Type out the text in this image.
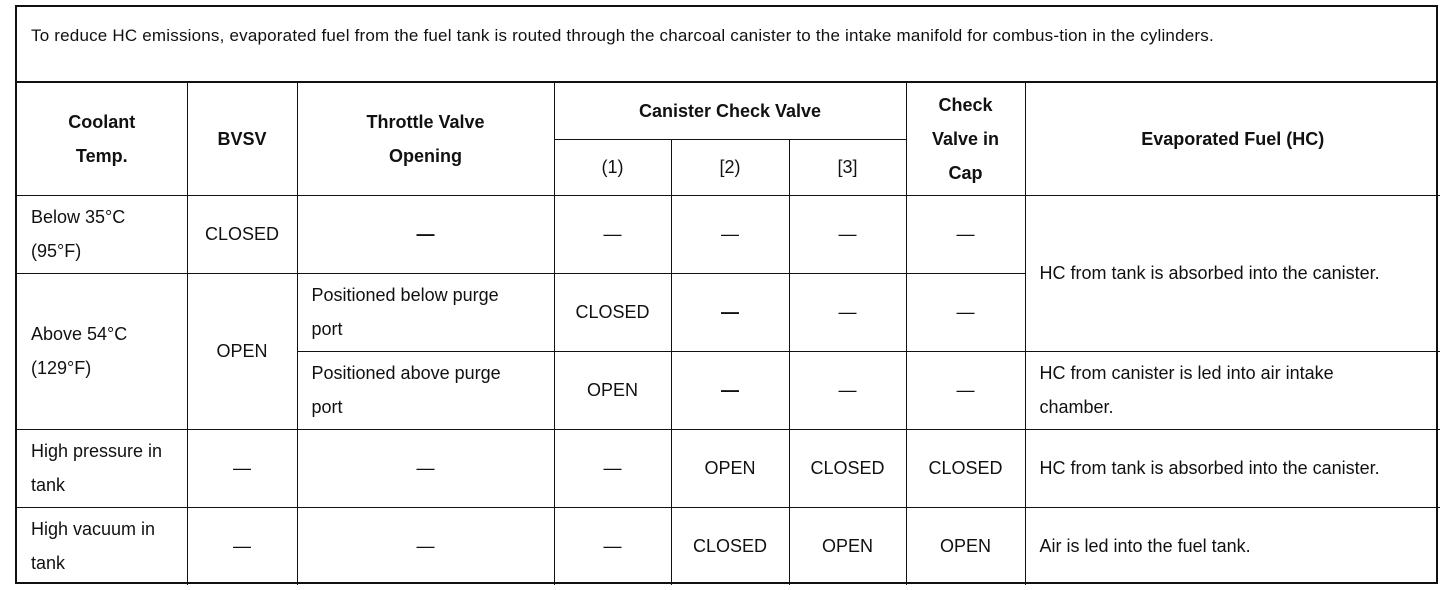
To reduce HC emissions, evaporated fuel from the fuel tank is routed through the charcoal canister to the intake manifold for combus-tion in the cylinders.
Coolant Temp.	BVSV	Throttle Valve Opening	Canister Check Valve			Check Valve in Cap	Evaporated Fuel (HC)
			(1)	[2)	[3]		
Below 35°C (95°F)	CLOSED	—	—	—	—	—	HC from tank is absorbed into the canister.
Above 54°C (129°F)	OPEN	Positioned below purge port	CLOSED	—	—	—	
		Positioned above purge port	OPEN	—	—	—	HC from canister is led into air intake chamber.
High pressure in tank	—	—	—	OPEN	CLOSED	CLOSED	HC from tank is absorbed into the canister.
High vacuum in tank	—	—	—	CLOSED	OPEN	OPEN	Air is led into the fuel tank.
